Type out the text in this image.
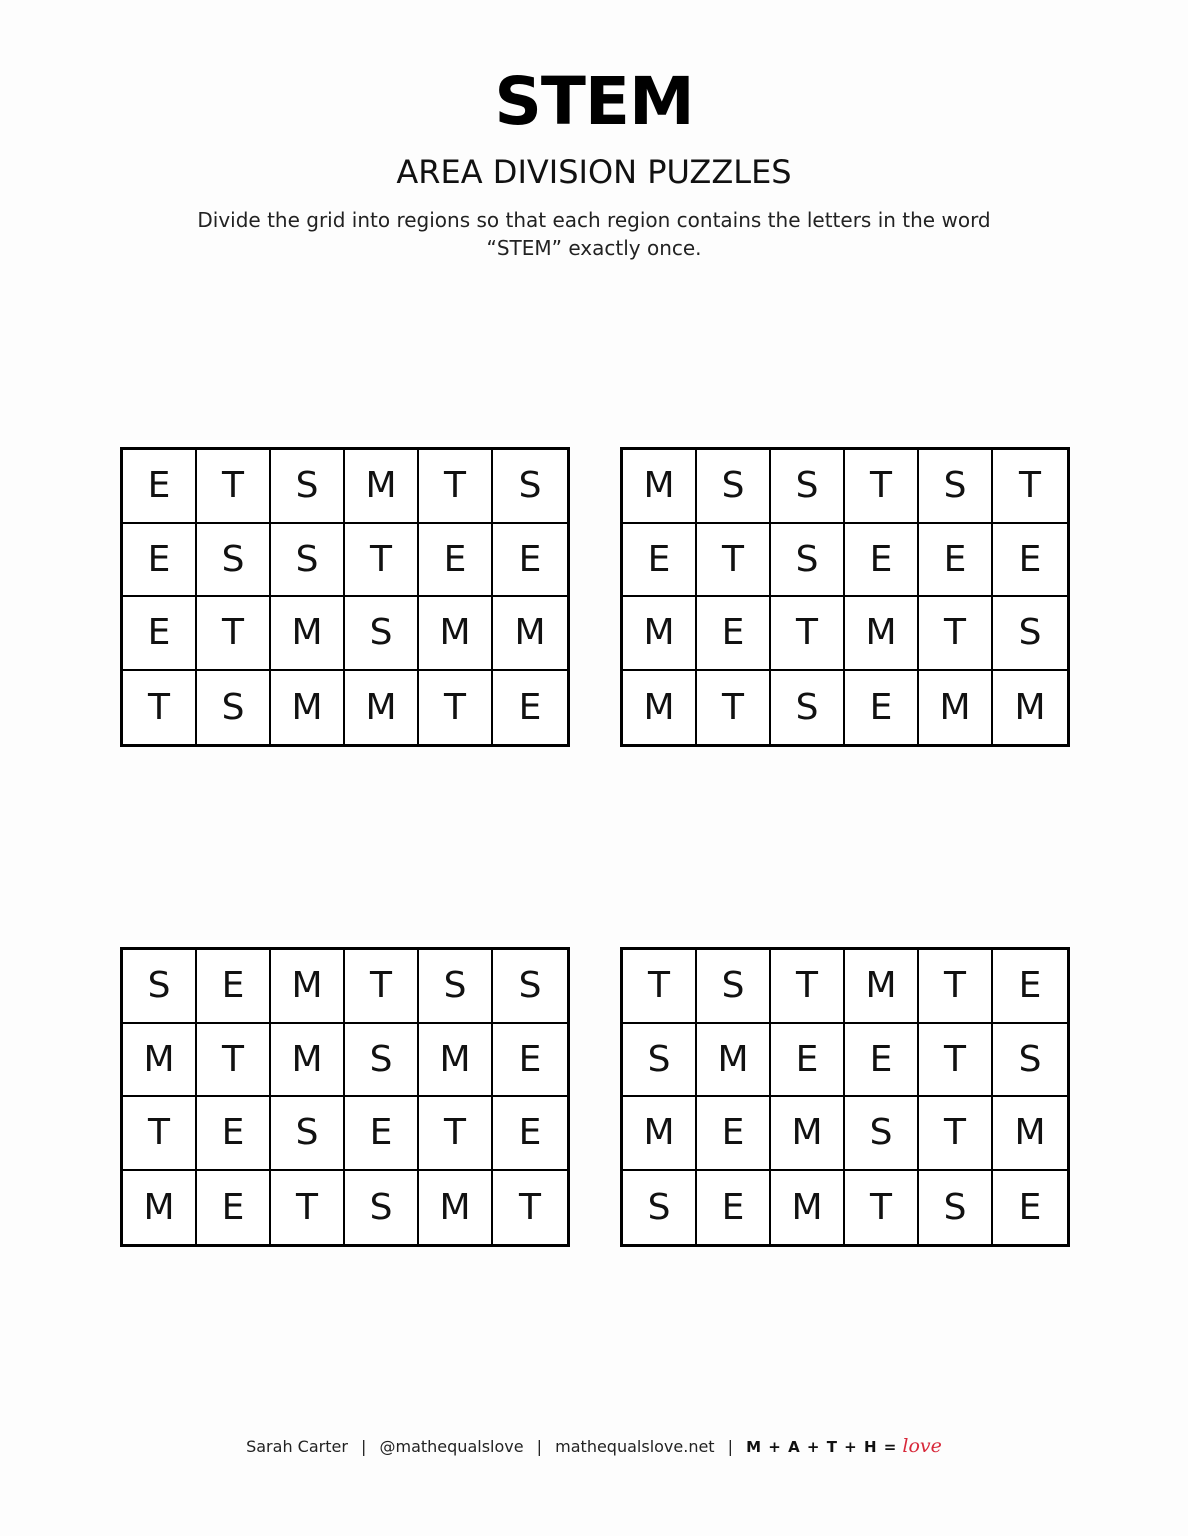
STEM
AREA DIVISION PUZZLES
Divide the grid into regions so that each region contains the letters in the word “STEM” exactly once.
E	T	S	M	T	S
E	S	S	T	E	E
E	T	M	S	M	M
T	S	M	M	T	E
M	S	S	T	S	T
E	T	S	E	E	E
M	E	T	M	T	S
M	T	S	E	M	M
S	E	M	T	S	S
M	T	M	S	M	E
T	E	S	E	T	E
M	E	T	S	M	T
T	S	T	M	T	E
S	M	E	E	T	S
M	E	M	S	T	M
S	E	M	T	S	E
Sarah Carter | @mathequalslove | mathequalslove.net | M + A + T + H = love
